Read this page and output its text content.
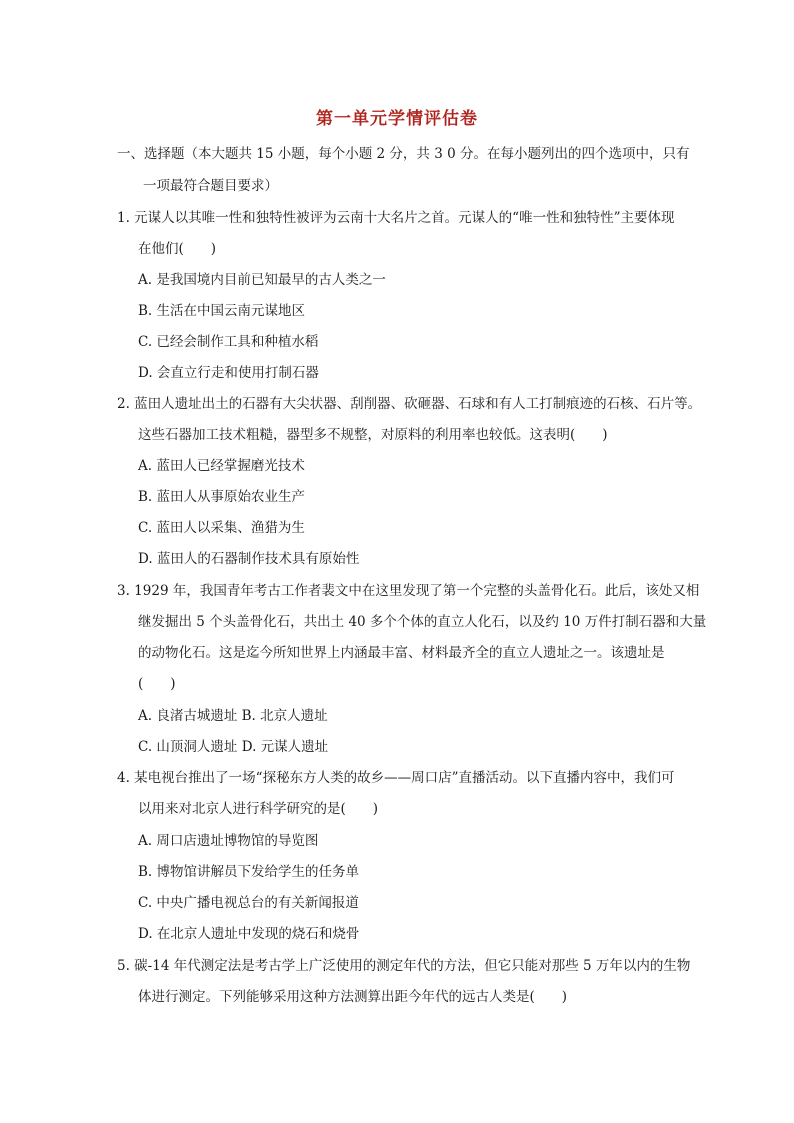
第一单元学情评估卷
一、选择题（本大题共 15 小题，每个小题 2 分，共 3 0 分。在每小题列出的四个选项中，只有
一项最符合题目要求）
1. 元谋人以其唯一性和独特性被评为云南十大名片之首。元谋人的“唯一性和独特性”主要体现
在他们(　　)
A. 是我国境内目前已知最早的古人类之一
B. 生活在中国云南元谋地区
C. 已经会制作工具和种植水稻
D. 会直立行走和使用打制石器
2. 蓝田人遗址出土的石器有大尖状器、刮削器、砍砸器、石球和有人工打制痕迹的石核、石片等。
这些石器加工技术粗糙，器型多不规整，对原料的利用率也较低。这表明(　　)
A. 蓝田人已经掌握磨光技术
B. 蓝田人从事原始农业生产
C. 蓝田人以采集、渔猎为生
D. 蓝田人的石器制作技术具有原始性
3. 1929 年，我国青年考古工作者裴文中在这里发现了第一个完整的头盖骨化石。此后，该处又相
继发掘出 5 个头盖骨化石，共出土 40 多个个体的直立人化石，以及约 10 万件打制石器和大量
的动物化石。这是迄今所知世界上内涵最丰富、材料最齐全的直立人遗址之一。该遗址是
(　　)
A. 良渚古城遗址 B. 北京人遗址
C. 山顶洞人遗址 D. 元谋人遗址
4. 某电视台推出了一场“探秘东方人类的故乡——周口店”直播活动。以下直播内容中，我们可
以用来对北京人进行科学研究的是(　　)
A. 周口店遗址博物馆的导览图
B. 博物馆讲解员下发给学生的任务单
C. 中央广播电视总台的有关新闻报道
D. 在北京人遗址中发现的烧石和烧骨
5. 碳-14 年代测定法是考古学上广泛使用的测定年代的方法，但它只能对那些 5 万年以内的生物
体进行测定。下列能够采用这种方法测算出距今年代的远古人类是(　　)
